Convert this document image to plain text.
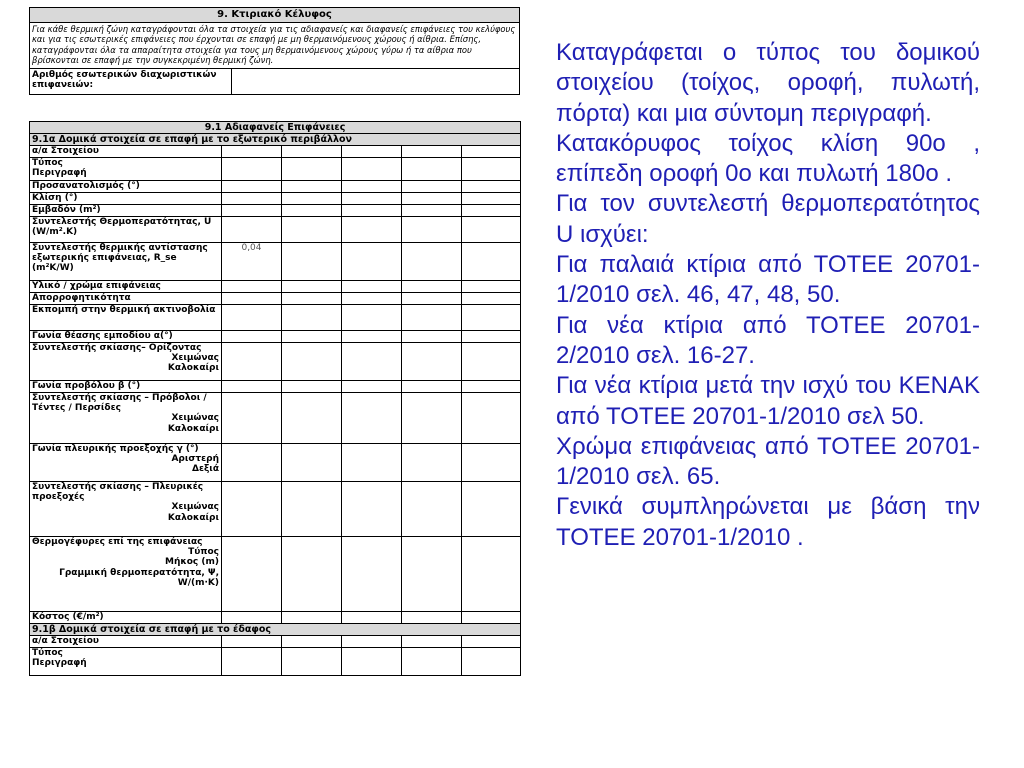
9. Κτιριακό Κέλυφος
Για κάθε θερμική ζώνη καταγράφονται όλα τα στοιχεία για τις αδιαφανείς και διαφανείς επιφάνειες του κελύφους και για τις εσωτερικές επιφάνειες που έρχονται σε επαφή με μη θερμαινόμενους χώρους ή αίθρια. Επίσης, καταγράφονται όλα τα απαραίτητα στοιχεία για τους μη θερμαινόμενους χώρους γύρω ή τα αίθρια που βρίσκονται σε επαφή με την συγκεκριμένη θερμική ζώνη.
Αριθμός εσωτερικών διαχωριστικών επιφανειών:
9.1 Αδιαφανείς Επιφάνειες					
9.1α Δομικά στοιχεία σε επαφή με το εξωτερικό περιβάλλον					
α/α Στοιχείου					
Τύπος
Περιγραφή					
Προσανατολισμός (°)					
Κλίση (°)					
Εμβαδόν (m²)					
Συντελεστής Θερμοπερατότητας, U (W/m².K)					
Συντελεστής θερμικής αντίστασης εξωτερικής επιφάνειας, R_se (m²K/W)	0,04				
Υλικό / χρώμα επιφάνειας					
Απορροφητικότητα					
Εκπομπή στην θερμική ακτινοβολία					
Γωνία θέασης εμποδίου α(°)					
Συντελεστής σκίασης– Ορίζοντας
Χειμώνας
Καλοκαίρι					

Γωνία προβόλου β (°)					
Συντελεστής σκίασης – Πρόβολοι / Τέντες / Περσίδες
Χειμώνας
Καλοκαίρι					

Γωνία πλευρικής προεξοχής γ (°)
Αριστερή
Δεξιά					

Συντελεστής σκίασης – Πλευρικές προεξοχές
Χειμώνας
Καλοκαίρι					

Θερμογέφυρες επί της επιφάνειας
Τύπος
Μήκος (m)
Γραμμική θερμοπερατότητα, Ψ, W/(m·K)					

Κόστος (€/m²)					
9.1β Δομικά στοιχεία σε επαφή με το έδαφος					
α/α Στοιχείου					
Τύπος
Περιγραφή					

Καταγράφεται ο τύπος του δομικού στοιχείου (τοίχος, οροφή, πυλωτή, πόρτα) και μια σύντομη περιγραφή.

Κατακόρυφος τοίχος κλίση 90ο , επίπεδη οροφή 0ο και πυλωτή 180ο .

Για τον συντελεστή θερμοπερατότητος U ισχύει:

Για παλαιά κτίρια από ΤΟΤΕΕ 20701-1/2010 σελ. 46, 47, 48, 50.

Για νέα κτίρια από ΤΟΤΕΕ 20701-2/2010 σελ. 16-27.

Για νέα κτίρια μετά την ισχύ του ΚΕΝΑΚ από ΤΟΤΕΕ 20701-1/2010 σελ 50.

Χρώμα επιφάνειας από ΤΟΤΕΕ 20701-1/2010 σελ. 65.

Γενικά συμπληρώνεται με βάση την ΤΟΤΕΕ 20701-1/2010 .
